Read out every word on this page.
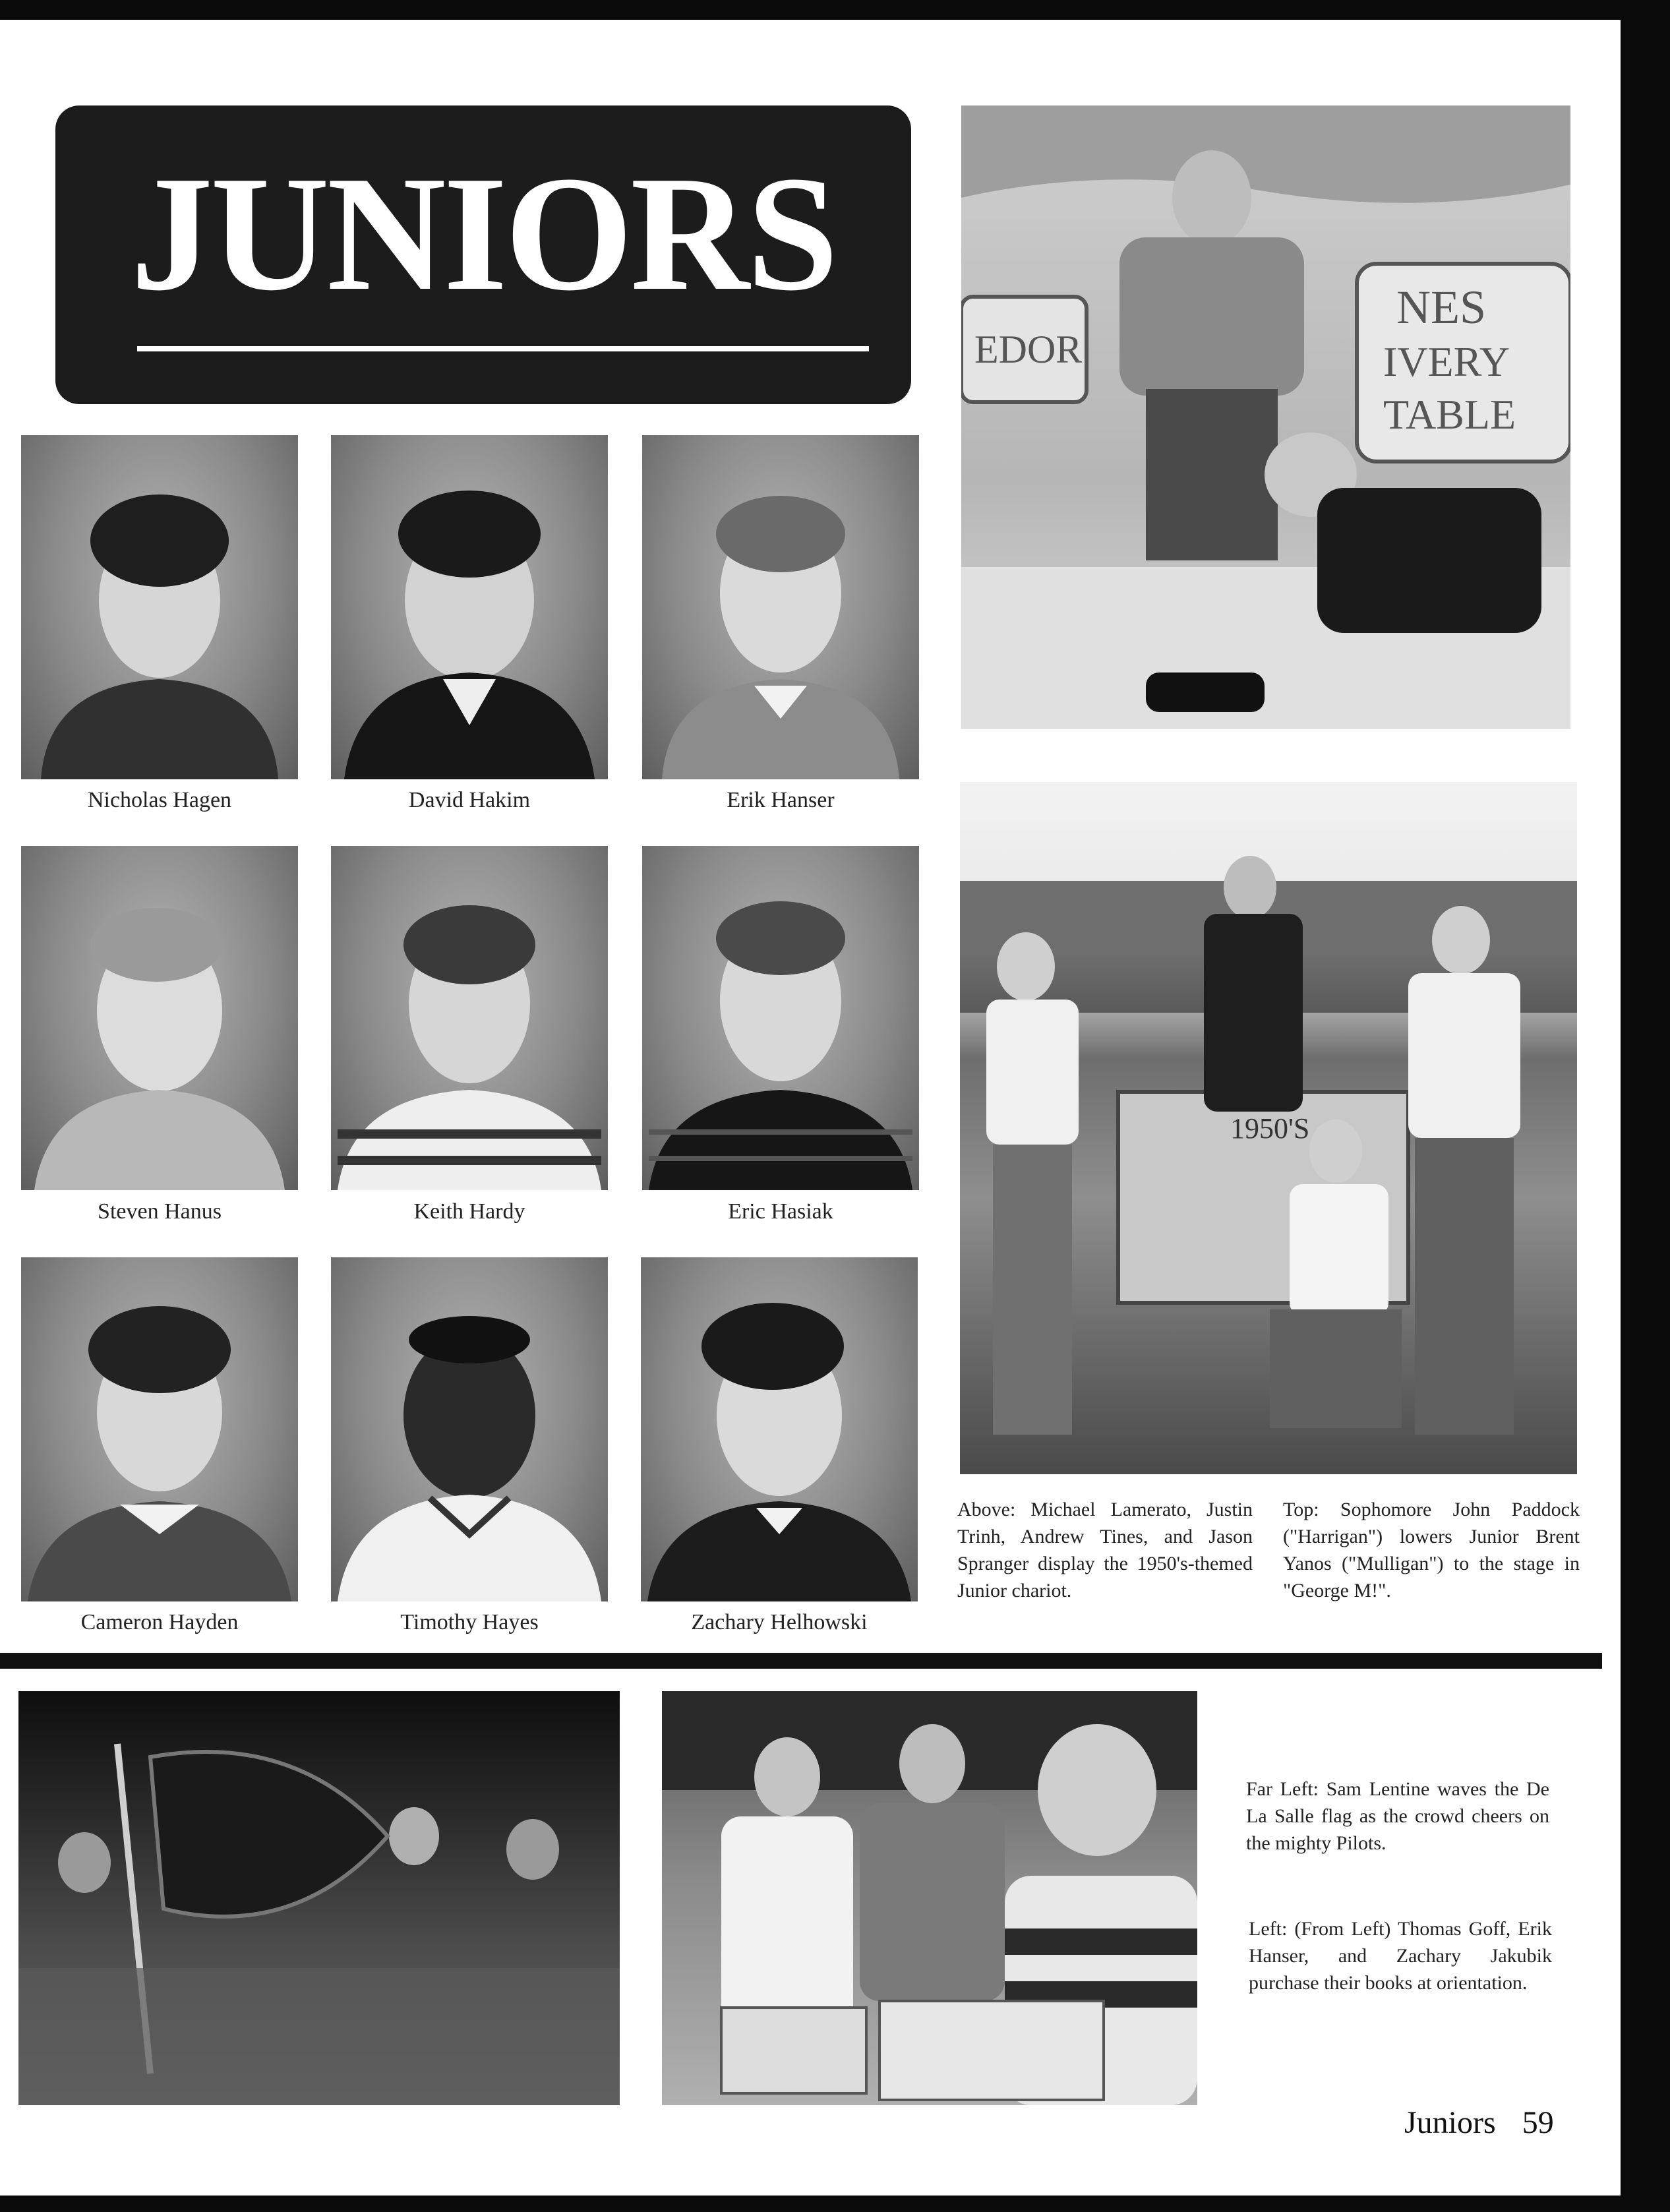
JUNIORS
Nicholas Hagen	David Hakim	Erik Hanser
Steven Hanus	Keith Hardy	Eric Hasiak
Cameron Hayden	Timothy Hayes	Zachary Helhowski
EDOR
NES
IVERY
TABLE
1950'S
Above: Michael Lamerato, Justin Trinh, Andrew Tines, and Jason Spranger display the 1950's-themed Junior chariot.
Top: Sophomore John Paddock ("Harrigan") lowers Junior Brent Yanos ("Mulligan") to the stage in "George M!".
Far Left: Sam Lentine waves the De La Salle flag as the crowd cheers on the mighty Pilots.
Left: (From Left) Thomas Goff, Erik Hanser, and Zachary Jakubik purchase their books at orientation.
Juniors 59
